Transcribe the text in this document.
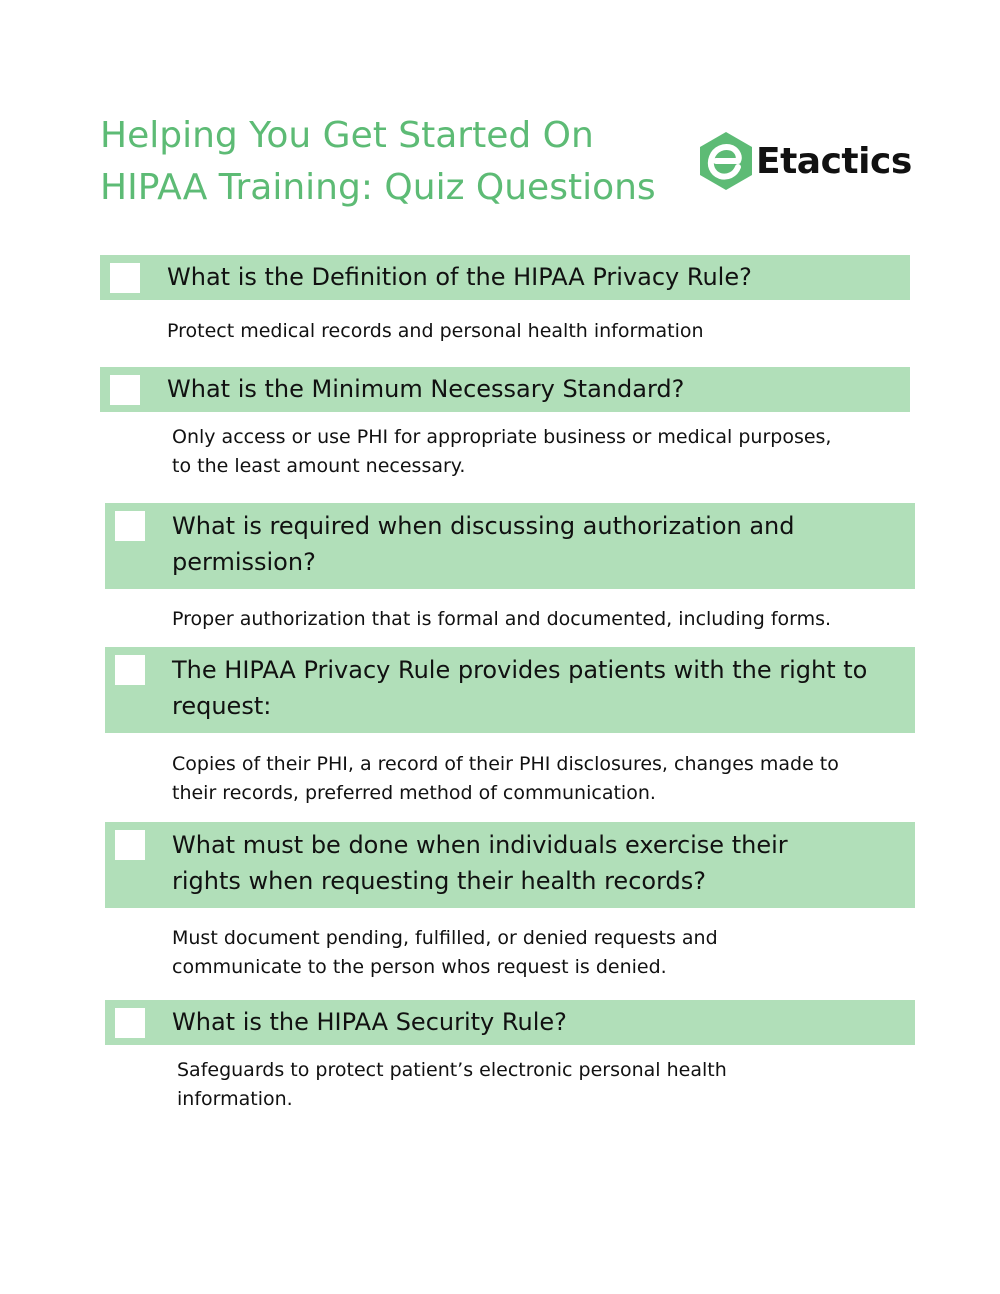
Helping You Get Started On
HIPAA Training: Quiz Questions
Etactics
What is the Definition of the HIPAA Privacy Rule?
Protect medical records and personal health information
What is the Minimum Necessary Standard?
Only access or use PHI for appropriate business or medical purposes,
to the least amount necessary.
What is required when discussing authorization and
permission?
Proper authorization that is formal and documented, including forms.
The HIPAA Privacy Rule provides patients with the right to
request:
Copies of their PHI, a record of their PHI disclosures, changes made to
their records, preferred method of communication.
What must be done when individuals exercise their
rights when requesting their health records?
Must document pending, fulfilled, or denied requests and
communicate to the person whos request is denied.
What is the HIPAA Security Rule?
Safeguards to protect patient’s electronic personal health
information.
